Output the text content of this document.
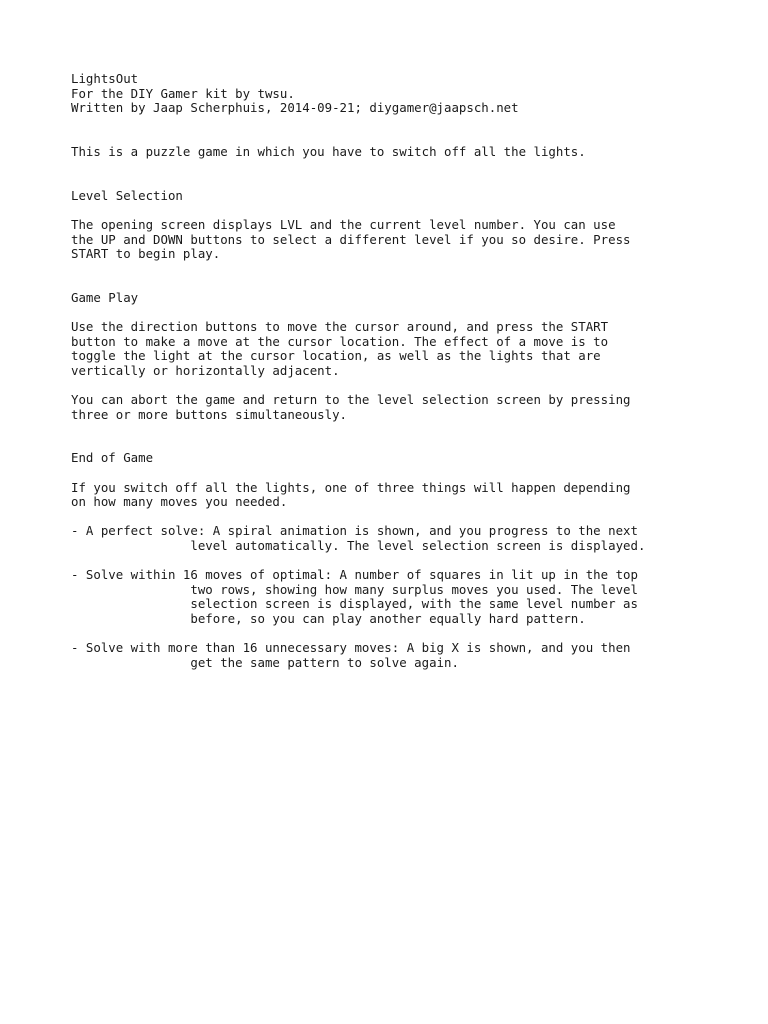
LightsOut
For the DIY Gamer kit by twsu.
Written by Jaap Scherphuis, 2014-09-21; diygamer@jaapsch.net
This is a puzzle game in which you have to switch off all the lights.
Level Selection
The opening screen displays LVL and the current level number. You can use
the UP and DOWN buttons to select a different level if you so desire. Press
START to begin play.
Game Play
Use the direction buttons to move the cursor around, and press the START
button to make a move at the cursor location. The effect of a move is to
toggle the light at the cursor location, as well as the lights that are
vertically or horizontally adjacent.
You can abort the game and return to the level selection screen by pressing
three or more buttons simultaneously.
End of Game
If you switch off all the lights, one of three things will happen depending
on how many moves you needed.
- A perfect solve: A spiral animation is shown, and you progress to the next
level automatically. The level selection screen is displayed.
- Solve within 16 moves of optimal: A number of squares in lit up in the top
two rows, showing how many surplus moves you used. The level
selection screen is displayed, with the same level number as
before, so you can play another equally hard pattern.
- Solve with more than 16 unnecessary moves: A big X is shown, and you then
get the same pattern to solve again.
